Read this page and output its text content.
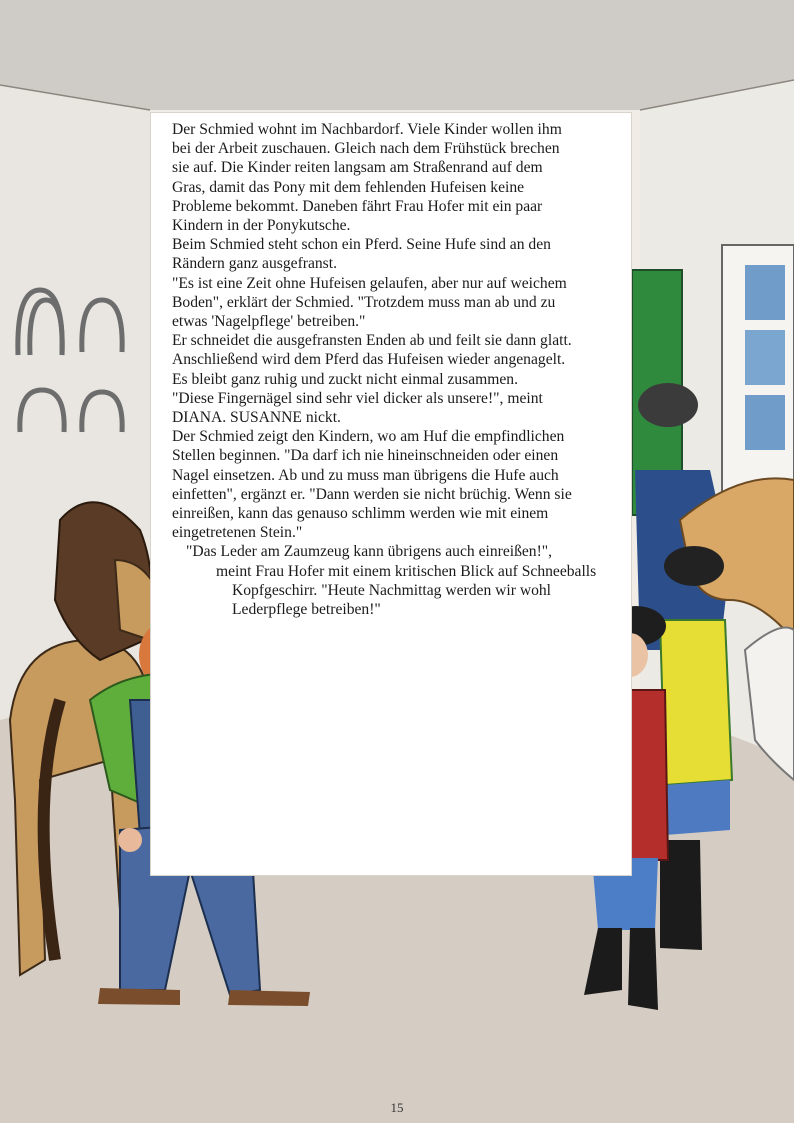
Der Schmied wohnt im Nachbardorf. Viele Kinder wollen ihm

bei der Arbeit zuschauen. Gleich nach dem Frühstück brechen

sie auf. Die Kinder reiten langsam am Straßenrand auf dem

Gras, damit das Pony mit dem fehlenden Hufeisen keine

Probleme bekommt. Daneben fährt Frau Hofer mit ein paar

Kindern in der Ponykutsche.

Beim Schmied steht schon ein Pferd. Seine Hufe sind an den

Rändern ganz ausgefranst.

"Es ist eine Zeit ohne Hufeisen gelaufen, aber nur auf weichem

Boden", erklärt der Schmied. "Trotzdem muss man ab und zu

etwas 'Nagelpflege' betreiben."

Er schneidet die ausgefransten Enden ab und feilt sie dann glatt.

Anschließend wird dem Pferd das Hufeisen wieder angenagelt.

Es bleibt ganz ruhig und zuckt nicht einmal zusammen.

"Diese Fingernägel sind sehr viel dicker als unsere!", meint

DIANA. SUSANNE nickt.

Der Schmied zeigt den Kindern, wo am Huf die empfindlichen

Stellen beginnen. "Da darf ich nie hineinschneiden oder einen

Nagel einsetzen. Ab und zu muss man übrigens die Hufe auch

einfetten", ergänzt er. "Dann werden sie nicht brüchig. Wenn sie

einreißen, kann das genauso schlimm werden wie mit einem

eingetretenen Stein."

"Das Leder am Zaumzeug kann übrigens auch einreißen!",

meint Frau Hofer mit einem kritischen Blick auf Schneeballs

Kopfgeschirr. "Heute Nachmittag werden wir wohl

Lederpflege betreiben!"

15
